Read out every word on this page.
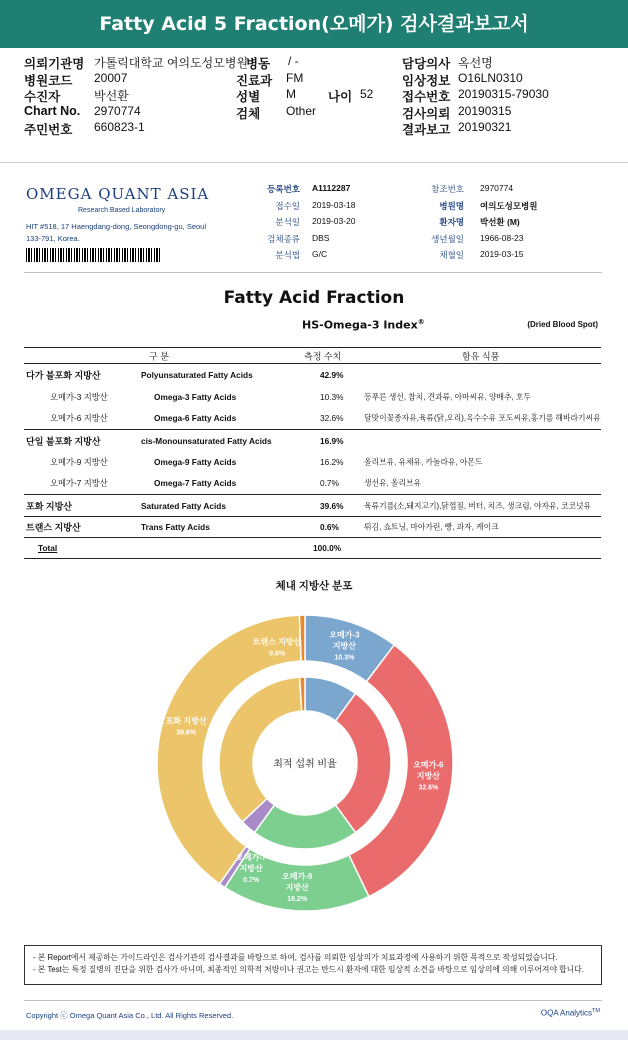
Fatty Acid 5 Fraction(오메가) 검사결과보고서
의뢰기관명 가톨릭대학교 여의도성모병원
병동 / -	담당의사 옥선명
병원코드 20007	진료과 FM	임상정보 O16LN0310
수진자	박선환	성별 M	나이 52 접수번호 20190315-79030
Chart No. 2970774	검체 Other	검사의뢰 20190315
주민번호 660823-1	결과보고 20190321
OMEGA QUANT ASIA
Research Based Laboratory
HIT #518, 17 Haengdang-dong, Seongdong-gu, Seoul 133-791, Korea.
등록번호 A1112287
접수일 2019-03-18
분석일 2019-03-20
검체종류 DBS
분석법 G/C
참조번호 2970774
병원명 여의도성모병원
환자명 박선환 (M)
생년월일 1966-08-23
채혈일 2019-03-15
Fatty Acid Fraction
HS-Omega-3 Index®	(Dried Blood Spot)
구 분	측정 수치	함유 식품
다가 불포화 지방산	Polyunsaturated Fatty Acids	42.9%
오메가-3 지방산	Omega-3 Fatty Acids	10.3%	등푸른 생선, 참치, 견과류, 아마씨유, 양배추, 호두
오메가-6 지방산	Omega-6 Fatty Acids	32.6%	달맞이꽃종자유,육류(닭,오리),옥수수유 포도씨유,홍기름 해바라기씨유
단일 불포화 지방산	cis-Monounsaturated Fatty Acids	16.9%
오메가-9 지방산	Omega-9 Fatty Acids	16.2%	올리브유, 유채유, 카놀라유, 아몬드
오메가-7 지방산	Omega-7 Fatty Acids	0.7%	생선유, 올리브유
포화 지방산	Saturated Fatty Acids	39.6%	육류기름(소,돼지고기),닭껍질, 버터, 치즈, 생크림, 야자유, 코코넛유
트랜스 지방산	Trans Fatty Acids	0.6%	튀김, 쇼트닝, 마아가린, 빵, 과자, 케이크
Total	100.0%
체내 지방산 분포
최적 섭취 비율
오메가-3 지방산 10.3%
오메가-6 지방산 32.6%
오메가-9 지방산 16.2%
오메가-7 지방산 0.7%
포화 지방산 39.6%
트랜스 지방산 0.6%
- 본 Report에서 제공하는 가이드라인은 검사기관의 검사결과를 바탕으로 하여, 검사를 의뢰한 임상의가 치료과정에 사용하기 위한 목적으로 작성되었습니다.
- 본 Test는 특정 질병의 진단을 위한 검사가 아니며, 최종적인 의학적 처방이나 권고는 반드시 환자에 대한 임상적 소견을 바탕으로 임상의에 의해 이루어져야 합니다.
Copyright ⓒ Omega Quant Asia Co., Ltd. All Rights Reserved.	OQA Analytics™
